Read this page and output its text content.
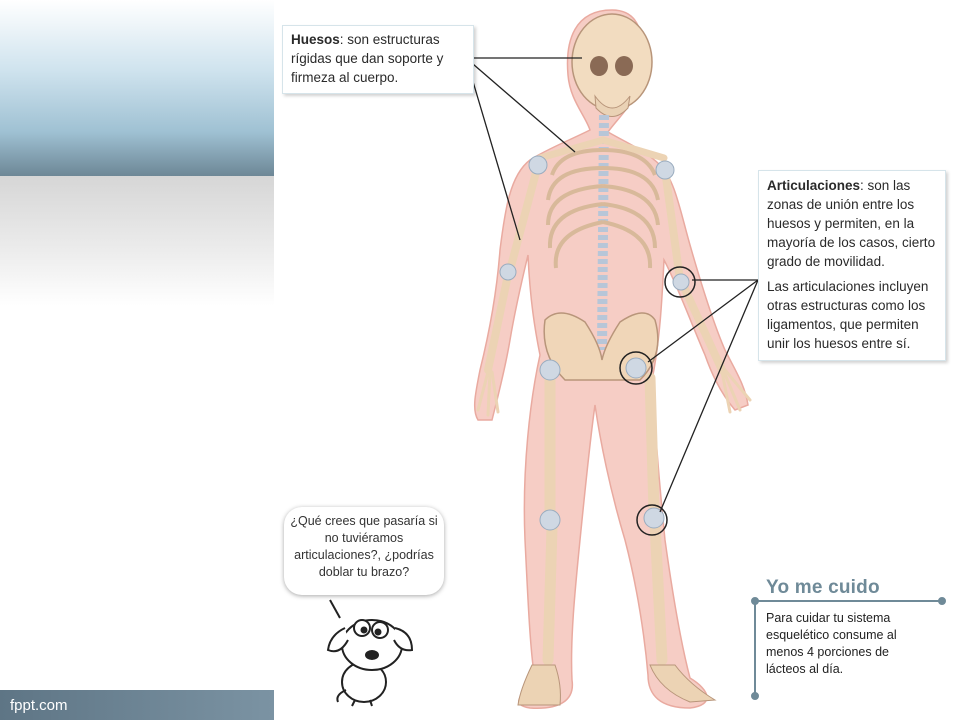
fppt.com
Huesos: son estructuras rígidas que dan soporte y firmeza al cuerpo.

Articulaciones: son las zonas de unión entre los huesos y permiten, en la mayoría de los casos, cierto grado de movilidad.

Las articulaciones incluyen otras estructuras como los ligamentos, que permiten unir los huesos entre sí.

¿Qué crees que pasaría si no tuviéramos articulaciones?, ¿podrías doblar tu brazo?
Yo me cuido
Para cuidar tu sistema esquelético consume al menos 4 porciones de lácteos al día.
